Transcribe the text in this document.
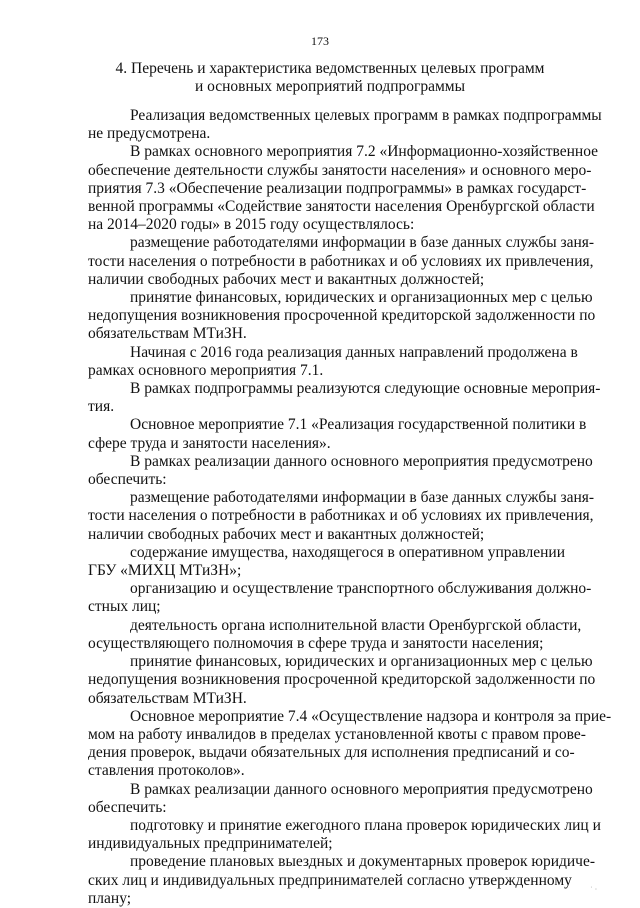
173
4. Перечень и характеристика ведомственных целевых программ
и основных мероприятий подпрограммы

Реализация ведомственных целевых программ в рамках подпрограммы
не предусмотрена.

В рамках основного мероприятия 7.2 «Информационно-хозяйственное
обеспечение деятельности службы занятости населения» и основного меро-
приятия 7.3 «Обеспечение реализации подпрограммы» в рамках государст-
венной программы «Содействие занятости населения Оренбургской области
на 2014–2020 годы» в 2015 году осуществлялось:

размещение работодателями информации в базе данных службы заня-
тости населения о потребности в работниках и об условиях их привлечения,
наличии свободных рабочих мест и вакантных должностей;

принятие финансовых, юридических и организационных мер с целью
недопущения возникновения просроченной кредиторской задолженности по
обязательствам МТиЗН.

Начиная с 2016 года реализация данных направлений продолжена в
рамках основного мероприятия 7.1.

В рамках подпрограммы реализуются следующие основные мероприя-
тия.

Основное мероприятие 7.1 «Реализация государственной политики в
сфере труда и занятости населения».

В рамках реализации данного основного мероприятия предусмотрено
обеспечить:

размещение работодателями информации в базе данных службы заня-
тости населения о потребности в работниках и об условиях их привлечения,
наличии свободных рабочих мест и вакантных должностей;

содержание имущества, находящегося в оперативном управлении
ГБУ «МИХЦ МТиЗН»;

организацию и осуществление транспортного обслуживания должно-
стных лиц;

деятельность органа исполнительной власти Оренбургской области,
осуществляющего полномочия в сфере труда и занятости населения;

принятие финансовых, юридических и организационных мер с целью
недопущения возникновения просроченной кредиторской задолженности по
обязательствам МТиЗН.

Основное мероприятие 7.4 «Осуществление надзора и контроля за прие-
мом на работу инвалидов в пределах установленной квоты с правом прове-
дения проверок, выдачи обязательных для исполнения предписаний и со-
ставления протоколов».

В рамках реализации данного основного мероприятия предусмотрено
обеспечить:

подготовку и принятие ежегодного плана проверок юридических лиц и
индивидуальных предпринимателей;

проведение плановых выездных и документарных проверок юридиче-
ских лиц и индивидуальных предпринимателей согласно утвержденному
плану;

˙ ·
